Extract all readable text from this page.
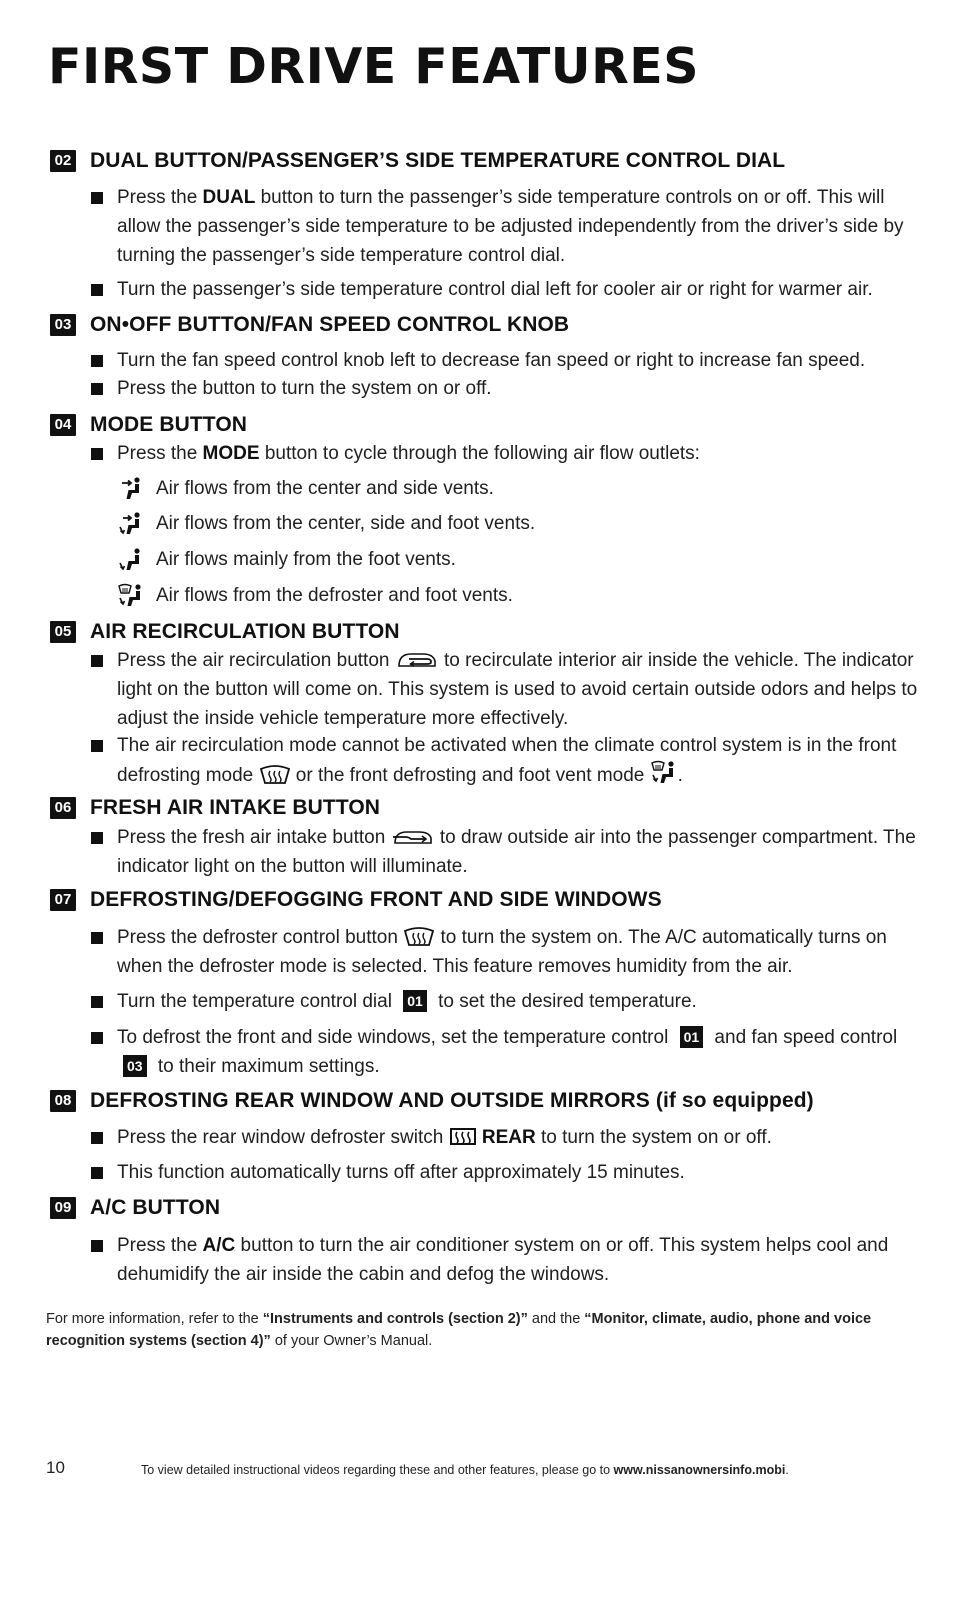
FIRST DRIVE FEATURES
02 DUAL BUTTON/PASSENGER’S SIDE TEMPERATURE CONTROL DIAL
Press the DUAL button to turn the passenger’s side temperature controls on or off. This will allow the passenger’s side temperature to be adjusted independently from the driver’s side by turning the passenger’s side temperature control dial.
Turn the passenger’s side temperature control dial left for cooler air or right for warmer air.
03 ON•OFF BUTTON/FAN SPEED CONTROL KNOB
Turn the fan speed control knob left to decrease fan speed or right to increase fan speed.
Press the button to turn the system on or off.
04 MODE BUTTON
Press the MODE button to cycle through the following air flow outlets:
Air flows from the center and side vents.
Air flows from the center, side and foot vents.
Air flows mainly from the foot vents.
Air flows from the defroster and foot vents.
05 AIR RECIRCULATION BUTTON
Press the air recirculation button  to recirculate interior air inside the vehicle. The indicator light on the button will come on. This system is used to avoid certain outside odors and helps to adjust the inside vehicle temperature more effectively.
The air recirculation mode cannot be activated when the climate control system is in the front defrosting mode  or the front defrosting and foot vent mode .
06 FRESH AIR INTAKE BUTTON
Press the fresh air intake button  to draw outside air into the passenger compartment. The indicator light on the button will illuminate.
07 DEFROSTING/DEFOGGING FRONT AND SIDE WINDOWS
Press the defroster control button  to turn the system on. The A/C automatically turns on when the defroster mode is selected. This feature removes humidity from the air.
Turn the temperature control dial 01 to set the desired temperature.
To defrost the front and side windows, set the temperature control 01 and fan speed control 03 to their maximum settings.
08 DEFROSTING REAR WINDOW AND OUTSIDE MIRRORS (if so equipped)
Press the rear window defroster switch  REAR to turn the system on or off.
This function automatically turns off after approximately 15 minutes.
09 A/C BUTTON
Press the A/C button to turn the air conditioner system on or off. This system helps cool and dehumidify the air inside the cabin and defog the windows.
For more information, refer to the “Instruments and controls (section 2)” and the “Monitor, climate, audio, phone and voice recognition systems (section 4)” of your Owner’s Manual.
10	To view detailed instructional videos regarding these and other features, please go to www.nissanownersinfo.mobi.
